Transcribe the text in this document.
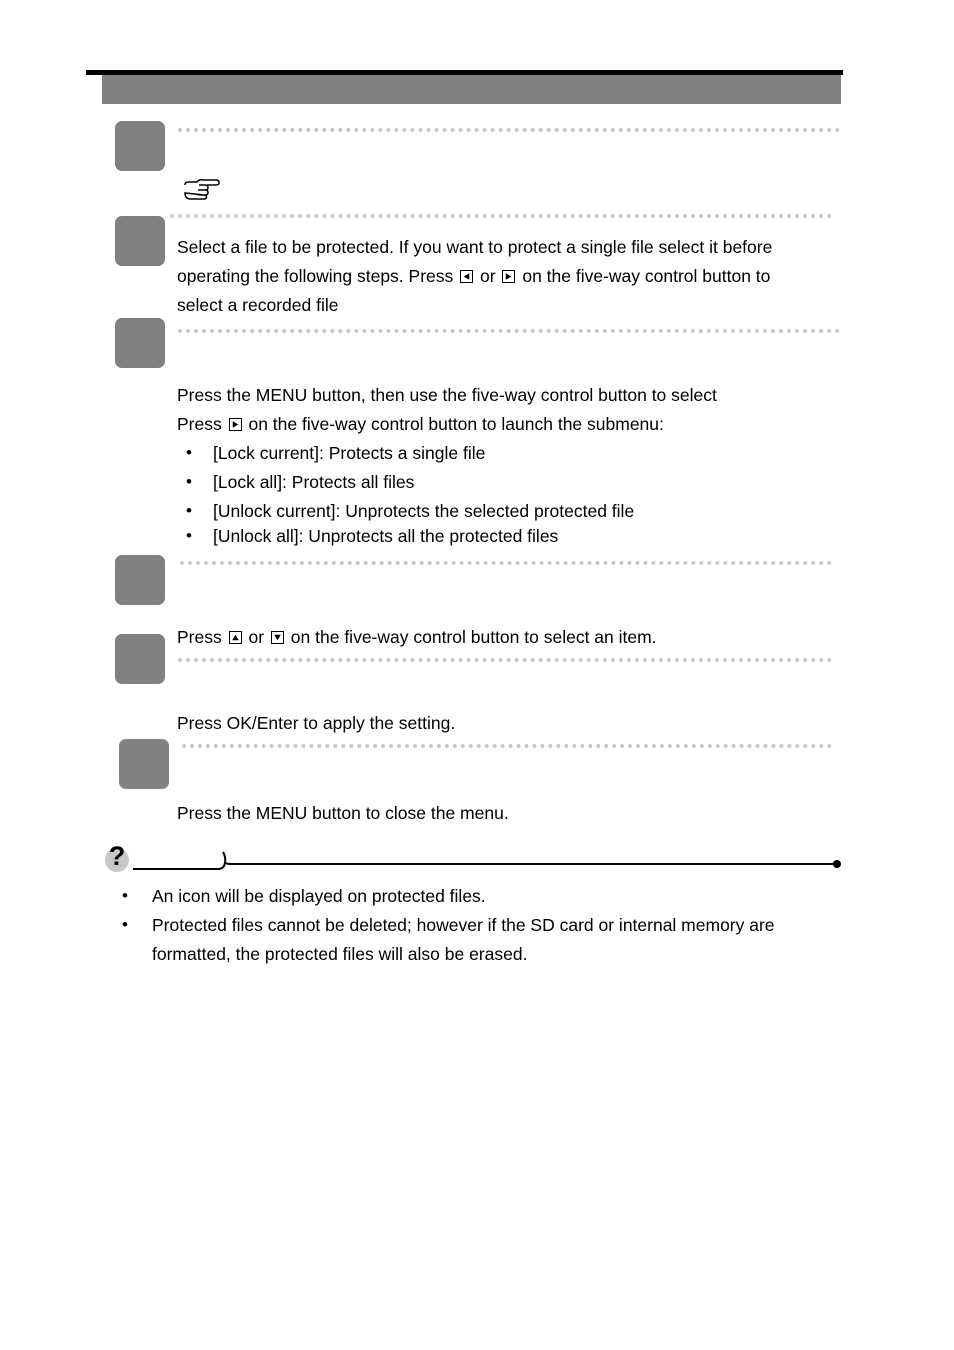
Select a file to be protected. If you want to protect a single file select it before
operating the following steps. Press or on the five-way control button to
select a recorded file
Press the MENU button, then use the five-way control button to select
Press on the five-way control button to launch the submenu:
• [Lock current]: Protects a single file
• [Lock all]: Protects all files
• [Unlock current]: Unprotects the selected protected file
• [Unlock all]: Unprotects all the protected files
Press or on the five-way control button to select an item.
Press OK/Enter to apply the setting.
Press the MENU button to close the menu.
?
• An icon will be displayed on protected files.
• Protected files cannot be deleted; however if the SD card or internal memory are
formatted, the protected files will also be erased.
